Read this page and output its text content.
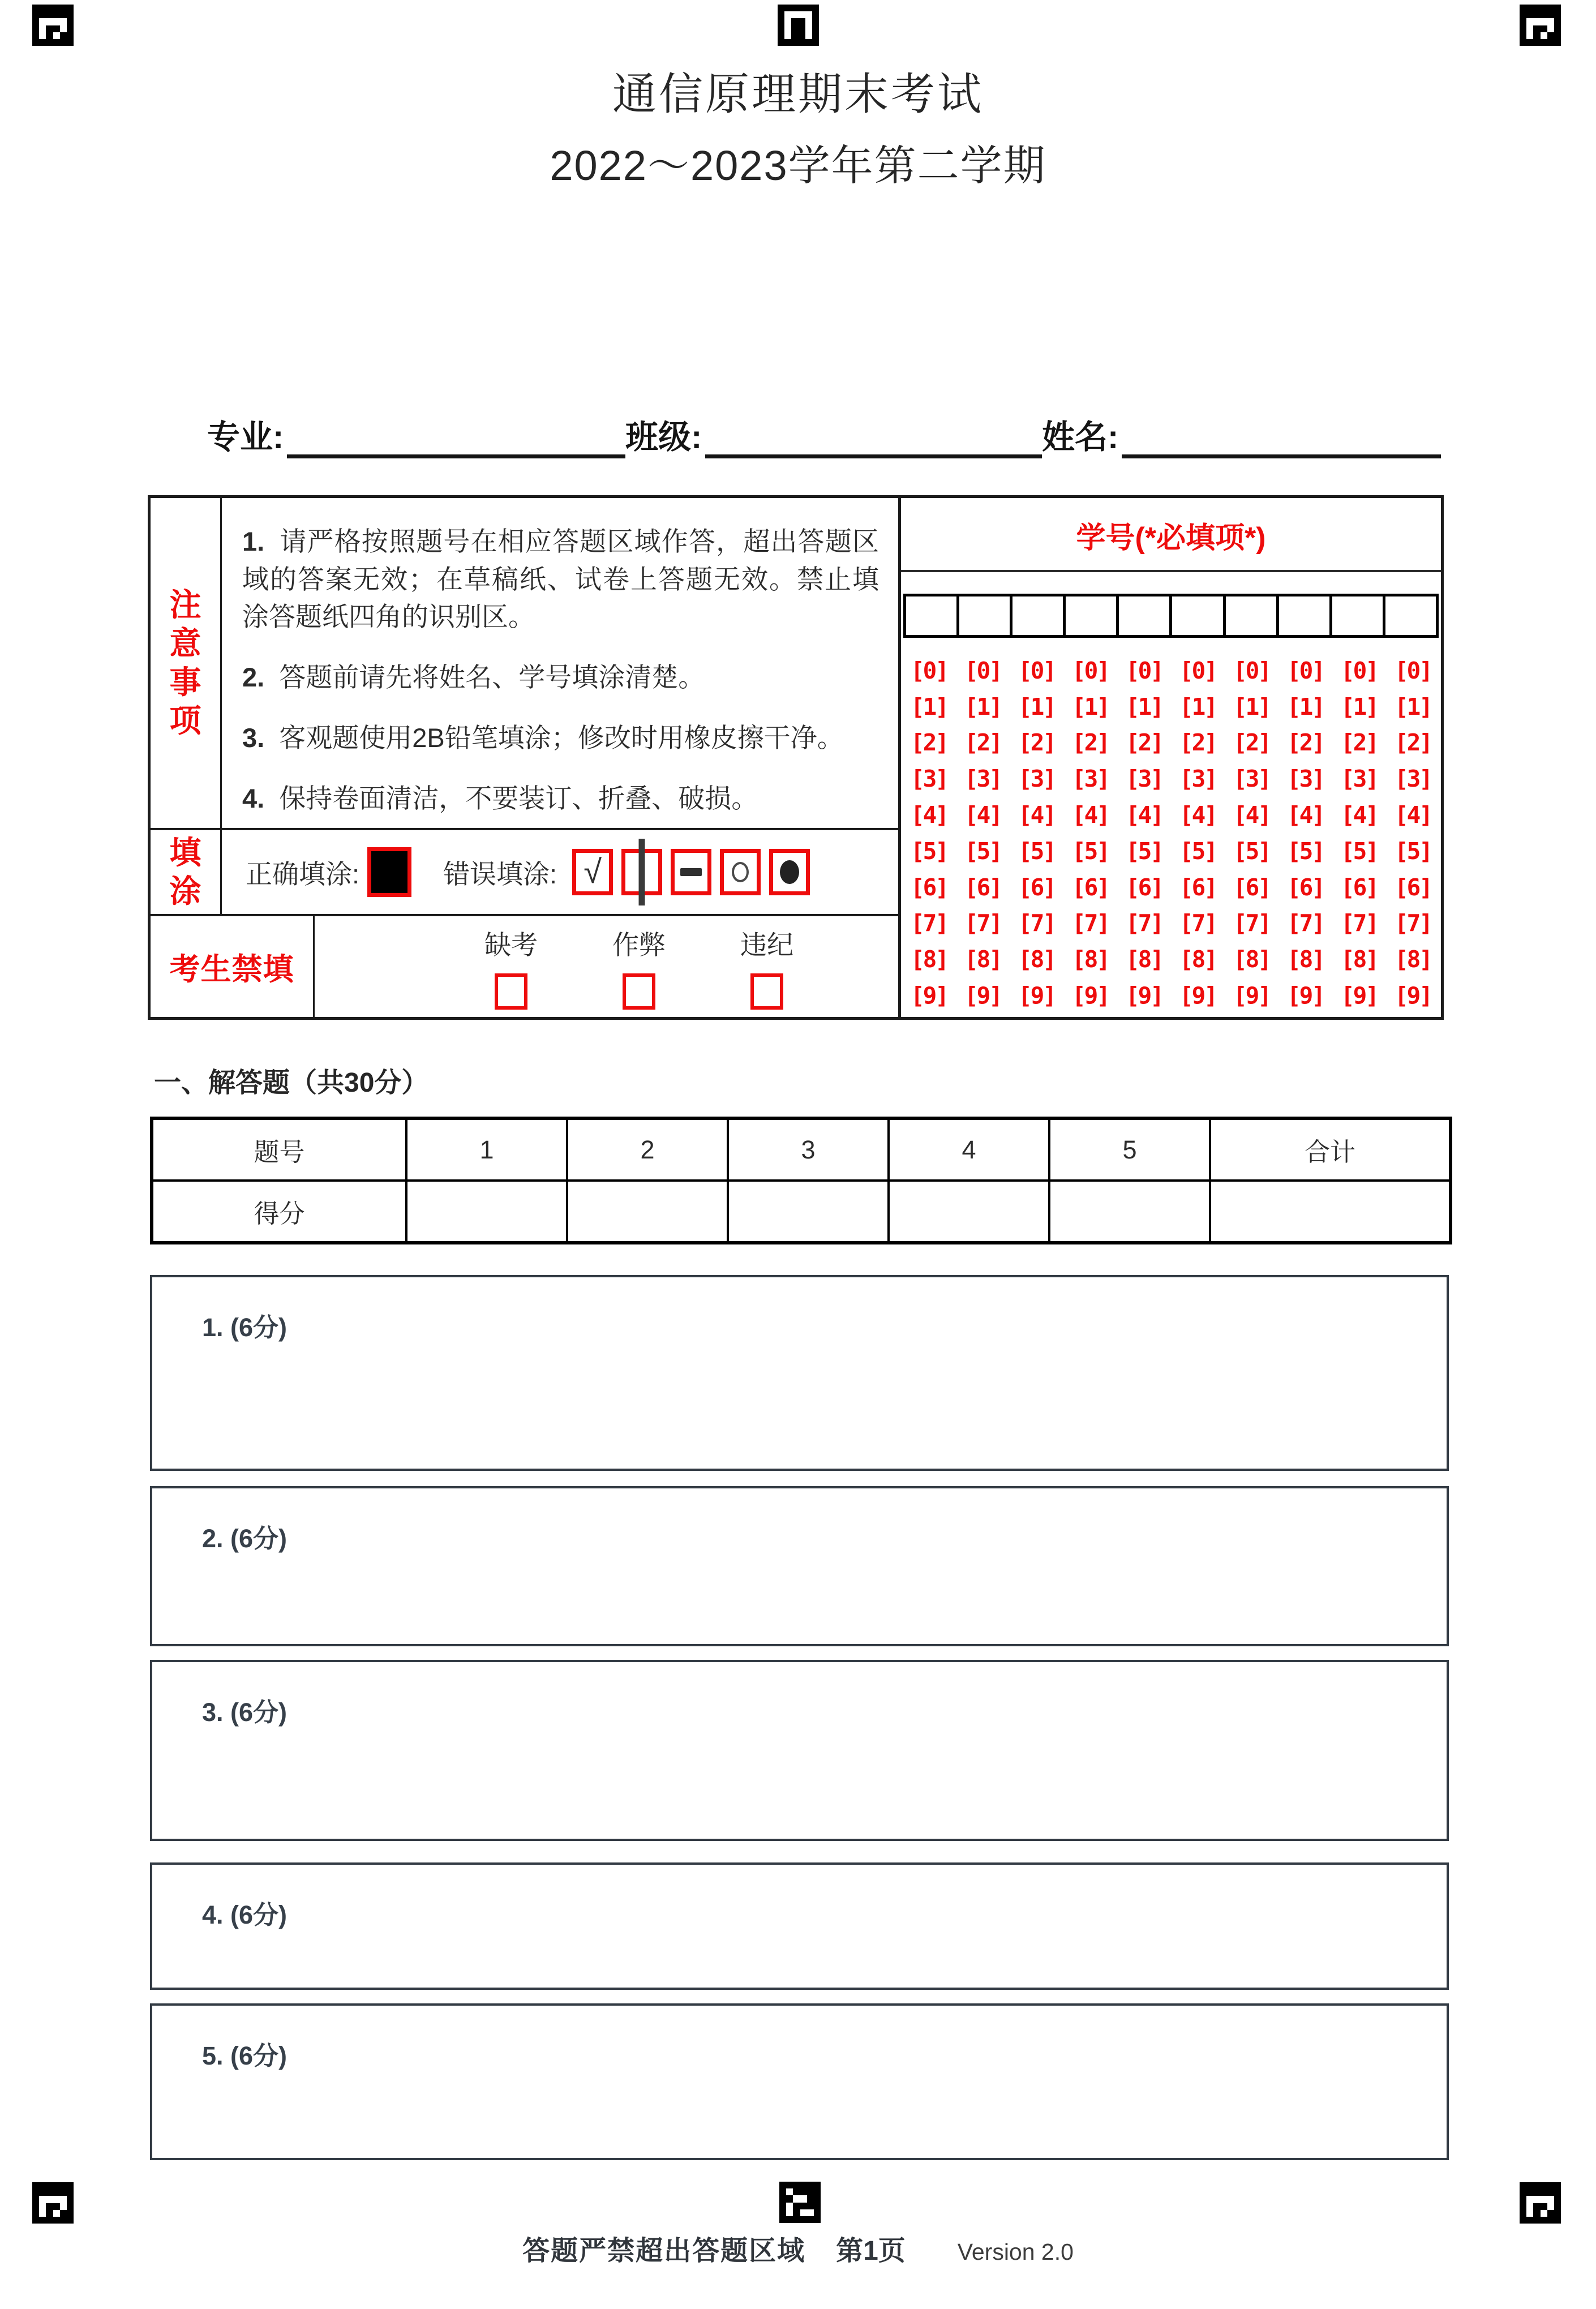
通信原理期末考试
2022～2023学年第二学期
专业:	班级:	姓名:
注
意
事
项
1. 请严格按照题号在相应答题区域作答，超出答题区域的答案无效；在草稿纸、试卷上答题无效。禁止填涂答题纸四角的识别区。
2. 答题前请先将姓名、学号填涂清楚。
3. 客观题使用2B铅笔填涂；修改时用橡皮擦干净。
4. 保持卷面清洁，不要装订、折叠、破损。
填
涂 正确填涂:	错误填涂: √
考生禁填
缺考	作弊	违纪
学号(*必填项*)
[0] [0] [0] [0] [0] [0] [0] [0] [0] [0]
[1] [1] [1] [1] [1] [1] [1] [1] [1] [1]
[2] [2] [2] [2] [2] [2] [2] [2] [2] [2]
[3] [3] [3] [3] [3] [3] [3] [3] [3] [3]
[4] [4] [4] [4] [4] [4] [4] [4] [4] [4]
[5] [5] [5] [5] [5] [5] [5] [5] [5] [5]
[6] [6] [6] [6] [6] [6] [6] [6] [6] [6]
[7] [7] [7] [7] [7] [7] [7] [7] [7] [7]
[8] [8] [8] [8] [8] [8] [8] [8] [8] [8]
[9] [9] [9] [9] [9] [9] [9] [9] [9] [9]
一、解答题（共30分）
题号	1	2	3	4	5	合计
得分						
1. (6分)
2. (6分)
3. (6分)
4. (6分)
5. (6分)
答题严禁超出答题区域 第1页 Version 2.0
